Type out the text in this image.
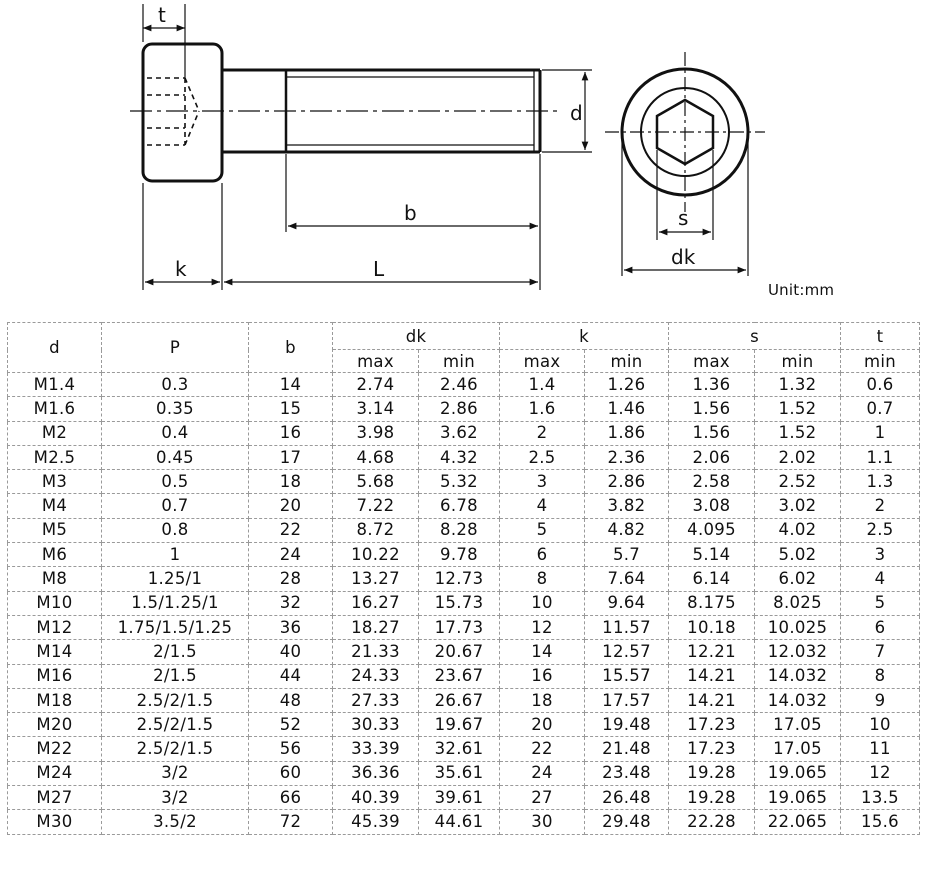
t
d
b
k	L
s
dk
Unit:mm
d	P	b	dk		k		s		t
			max	min	max	min	max	min	min
M1.4	0.3	14	2.74	2.46	1.4	1.26	1.36	1.32	0.6
M1.6	0.35	15	3.14	2.86	1.6	1.46	1.56	1.52	0.7
M2	0.4	16	3.98	3.62	2	1.86	1.56	1.52	1
M2.5	0.45	17	4.68	4.32	2.5	2.36	2.06	2.02	1.1
M3	0.5	18	5.68	5.32	3	2.86	2.58	2.52	1.3
M4	0.7	20	7.22	6.78	4	3.82	3.08	3.02	2
M5	0.8	22	8.72	8.28	5	4.82	4.095	4.02	2.5
M6	1	24	10.22	9.78	6	5.7	5.14	5.02	3
M8	1.25/1	28	13.27	12.73	8	7.64	6.14	6.02	4
M10	1.5/1.25/1	32	16.27	15.73	10	9.64	8.175	8.025	5
M12	1.75/1.5/1.25	36	18.27	17.73	12	11.57	10.18	10.025	6
M14	2/1.5	40	21.33	20.67	14	12.57	12.21	12.032	7
M16	2/1.5	44	24.33	23.67	16	15.57	14.21	14.032	8
M18	2.5/2/1.5	48	27.33	26.67	18	17.57	14.21	14.032	9
M20	2.5/2/1.5	52	30.33	19.67	20	19.48	17.23	17.05	10
M22	2.5/2/1.5	56	33.39	32.61	22	21.48	17.23	17.05	11
M24	3/2	60	36.36	35.61	24	23.48	19.28	19.065	12
M27	3/2	66	40.39	39.61	27	26.48	19.28	19.065	13.5
M30	3.5/2	72	45.39	44.61	30	29.48	22.28	22.065	15.6
